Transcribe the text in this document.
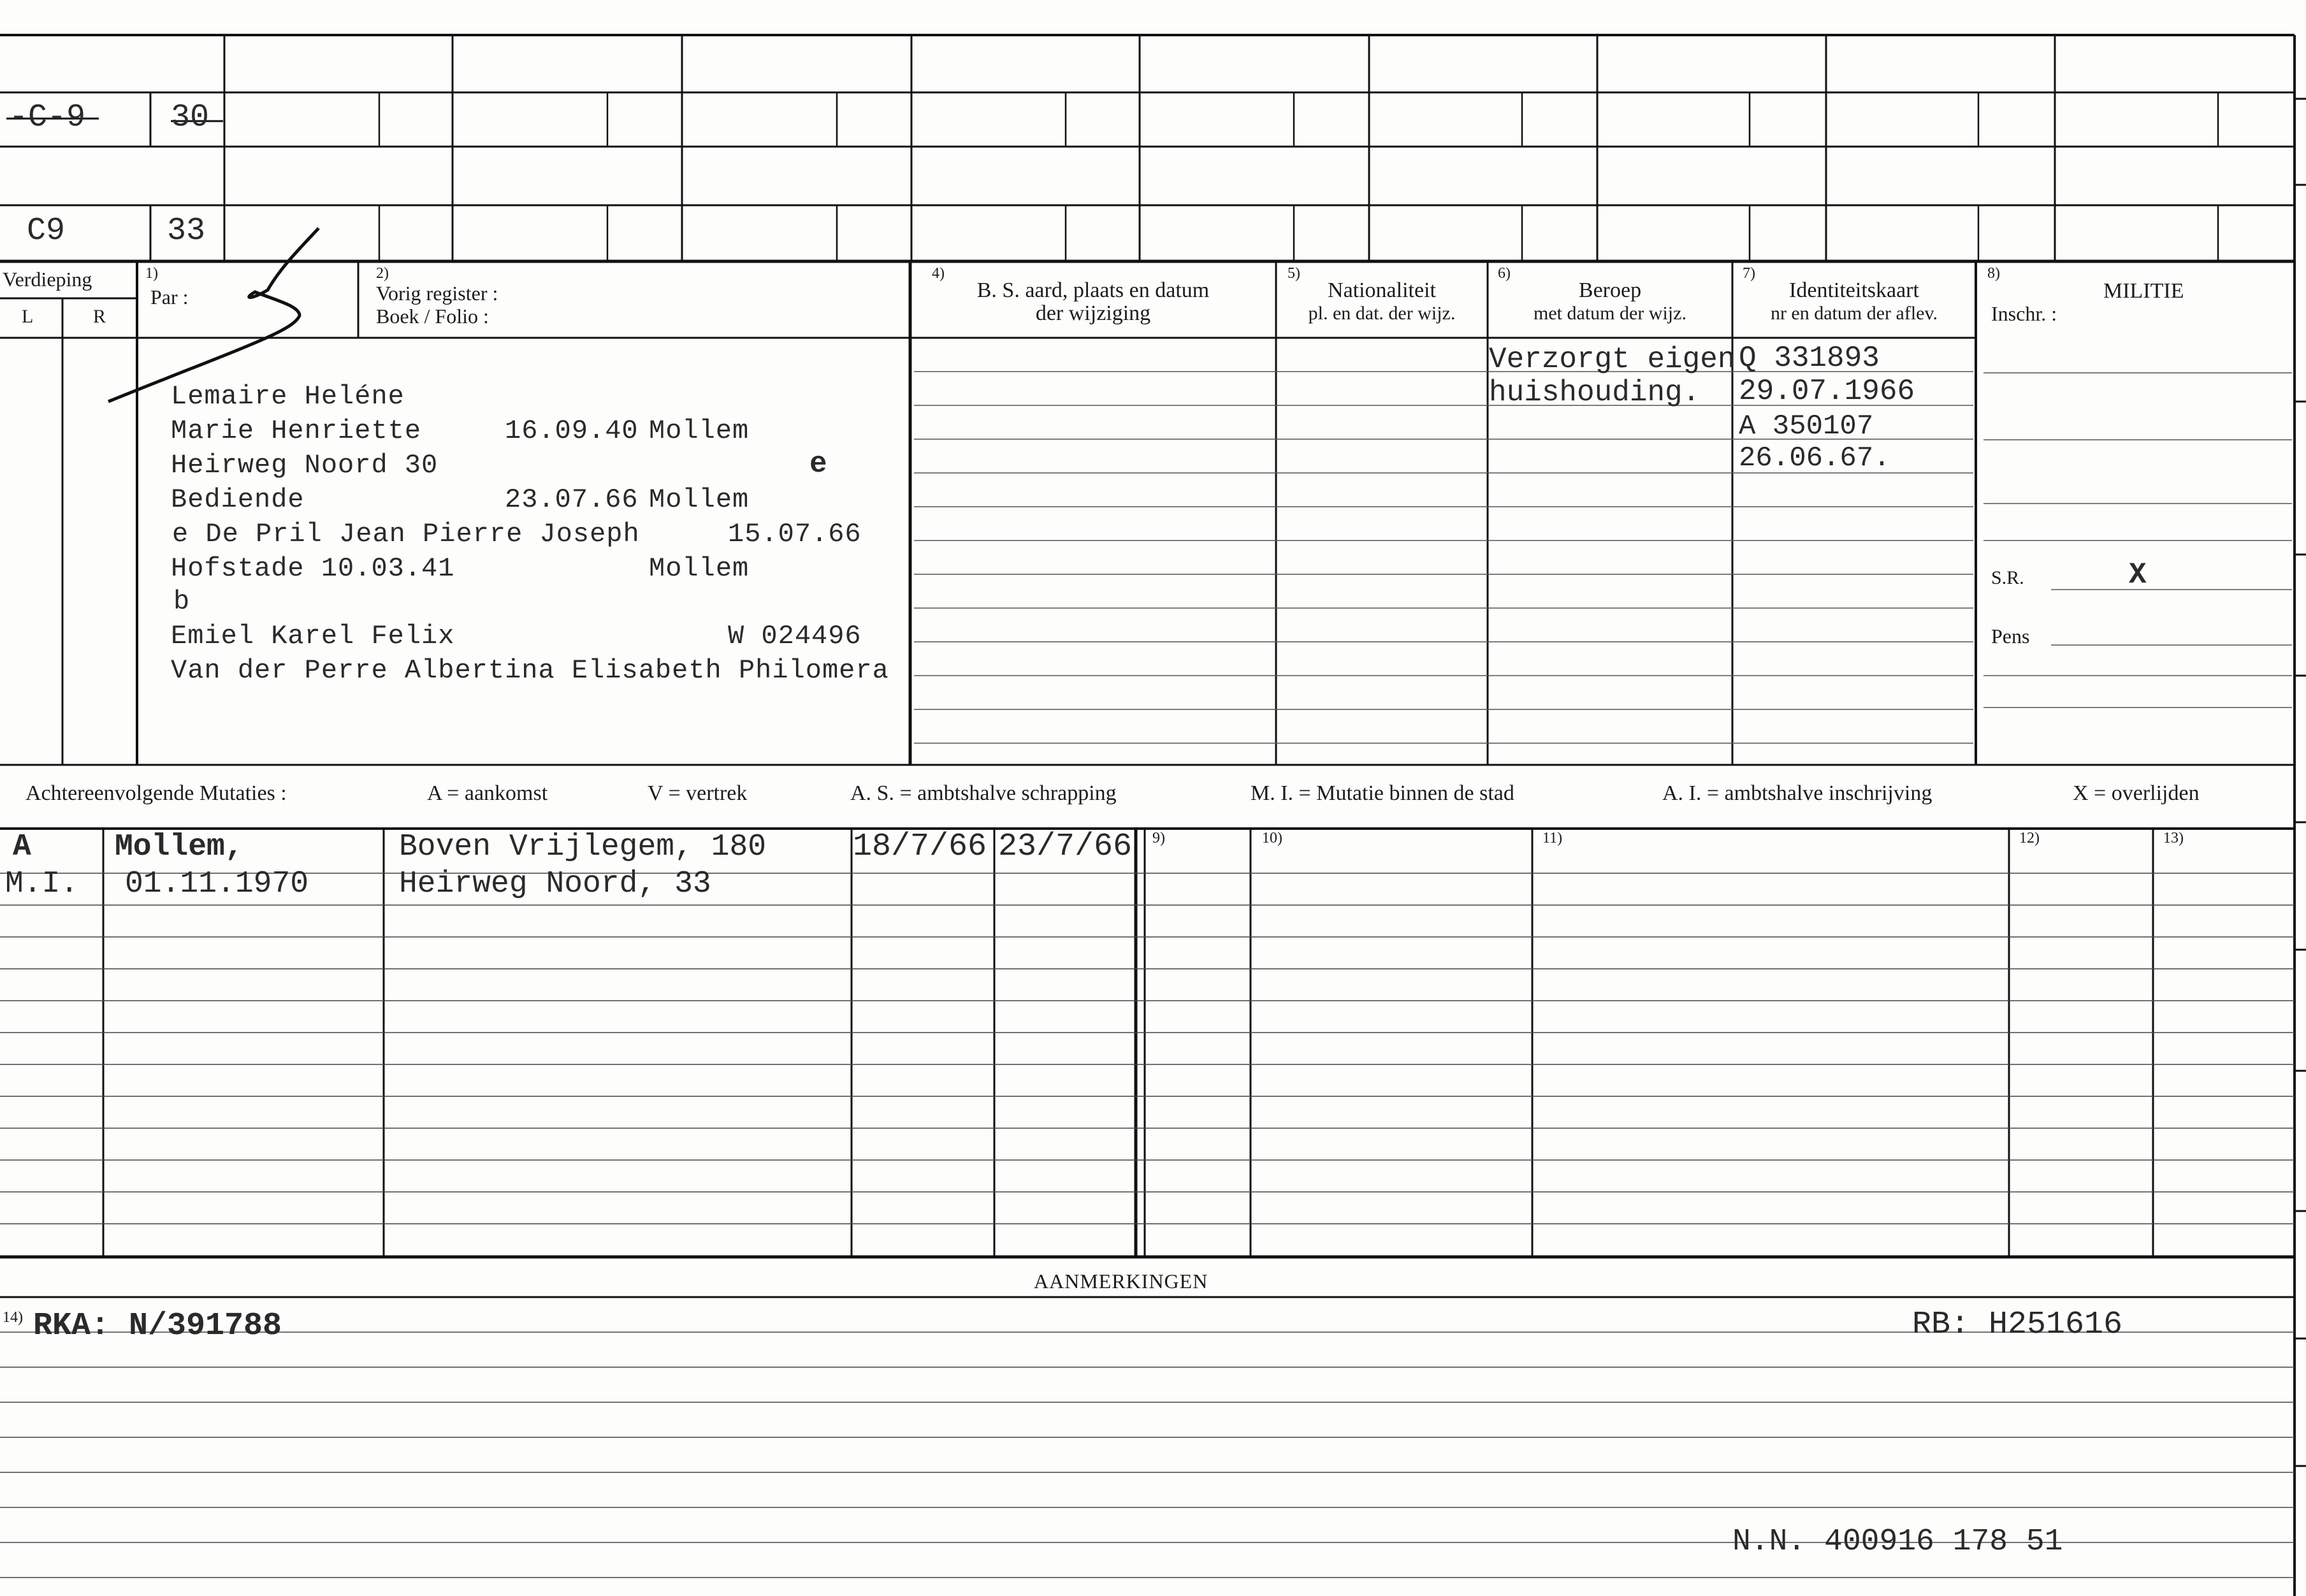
-C-9	30
C9	33
Verdieping
L	R
1)
Par :
2)
Vorig register :
Boek / Folio :
4)
B. S. aard, plaats en datum
der wijziging
5)
Nationaliteit
pl. en dat. der wijz.
6)
Beroep
met datum der wijz.
7)
Identiteitskaart
nr en datum der aflev.
8)
MILITIE
Inschr. :
S.R.	X
Pens
Lemaire Heléne
Marie Henriette	16.09.40 Mollem
Heirweg Noord 30	e
Bediende	23.07.66 Mollem
e De Pril Jean Pierre Joseph	15.07.66
Hofstade 10.03.41	Mollem
b
Emiel Karel Felix	W 024496
Van der Perre Albertina Elisabeth Philomera
Verzorgt eigen
huishouding.
Q 331893
29.07.1966
A 350107
26.06.67.
Achtereenvolgende Mutaties :	A = aankomst	V = vertrek	A. S. = ambtshalve schrapping	M. I. = Mutatie binnen de stad	A. I. = ambtshalve inschrijving	X = overlijden
9)	10)	11)	12)	13)
A	Mollem,	Boven Vrijlegem, 180	18/7/66 23/7/66
M.I. 01.11.1970	Heirweg Noord, 33
AANMERKINGEN
14) RKA: N/391788	RB: H251616
N.N. 400916 178 51
